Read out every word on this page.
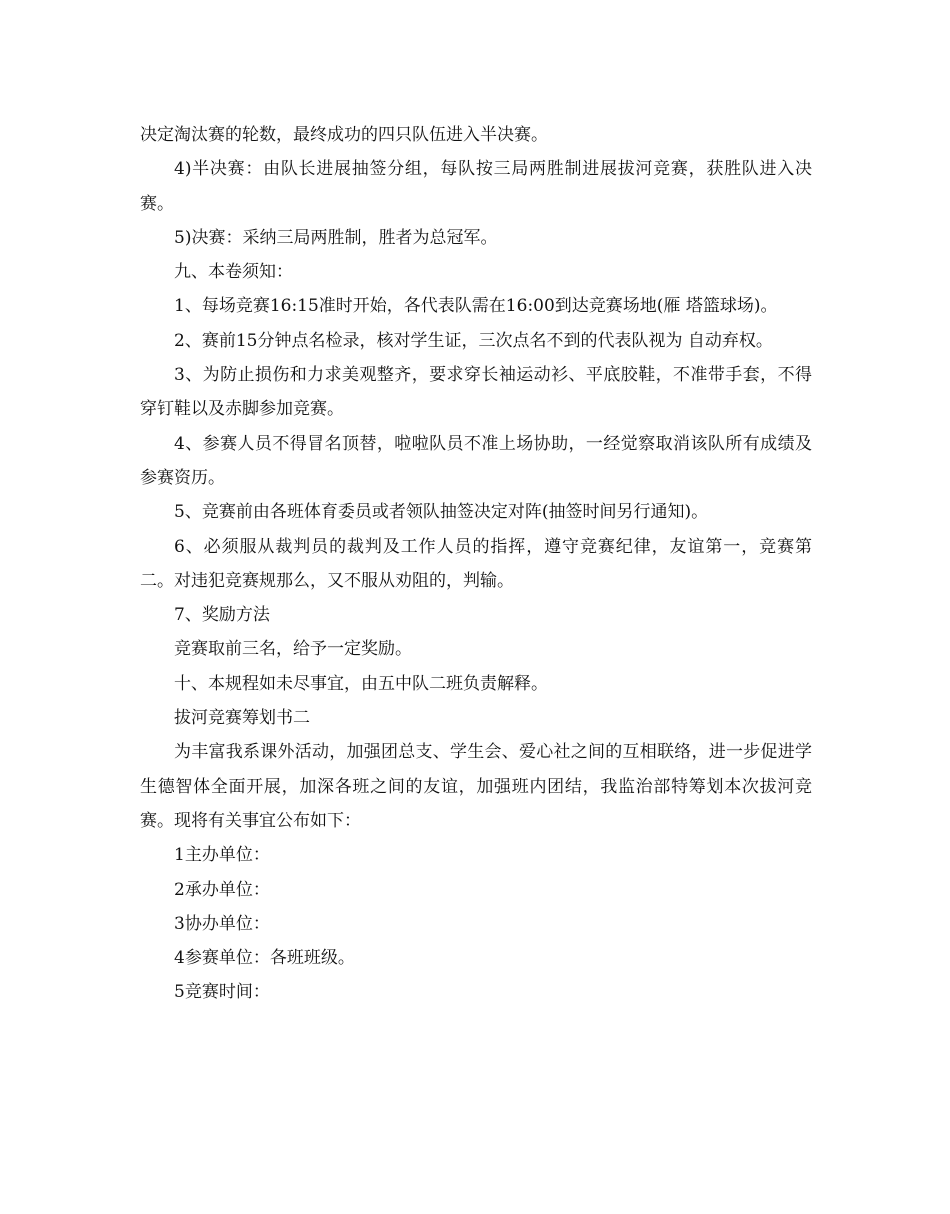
决定淘汰赛的轮数，最终成功的四只队伍进入半决赛。

4)半决赛：由队长进展抽签分组，每队按三局两胜制进展拔河竞赛，获胜队进入决赛。

5)决赛：采纳三局两胜制，胜者为总冠军。

九、本卷须知：

1、每场竞赛16:15准时开始，各代表队需在16:00到达竞赛场地(雁 塔篮球场)。

2、赛前15分钟点名检录，核对学生证，三次点名不到的代表队视为 自动弃权。

3、为防止损伤和力求美观整齐，要求穿长袖运动衫、平底胶鞋，不准带手套，不得穿钉鞋以及赤脚参加竞赛。

4、参赛人员不得冒名顶替，啦啦队员不准上场协助，一经觉察取消该队所有成绩及参赛资历。

5、竞赛前由各班体育委员或者领队抽签决定对阵(抽签时间另行通知)。

6、必须服从裁判员的裁判及工作人员的指挥，遵守竞赛纪律，友谊第一，竞赛第二。对违犯竞赛规那么，又不服从劝阻的，判输。

7、奖励方法

竞赛取前三名，给予一定奖励。

十、本规程如未尽事宜，由五中队二班负责解释。

拔河竞赛筹划书二

为丰富我系课外活动，加强团总支、学生会、爱心社之间的互相联络，进一步促进学生德智体全面开展，加深各班之间的友谊，加强班内团结，我监治部特筹划本次拔河竞赛。现将有关事宜公布如下：

1主办单位：

2承办单位：

3协办单位：

4参赛单位：各班班级。

5竞赛时间：
